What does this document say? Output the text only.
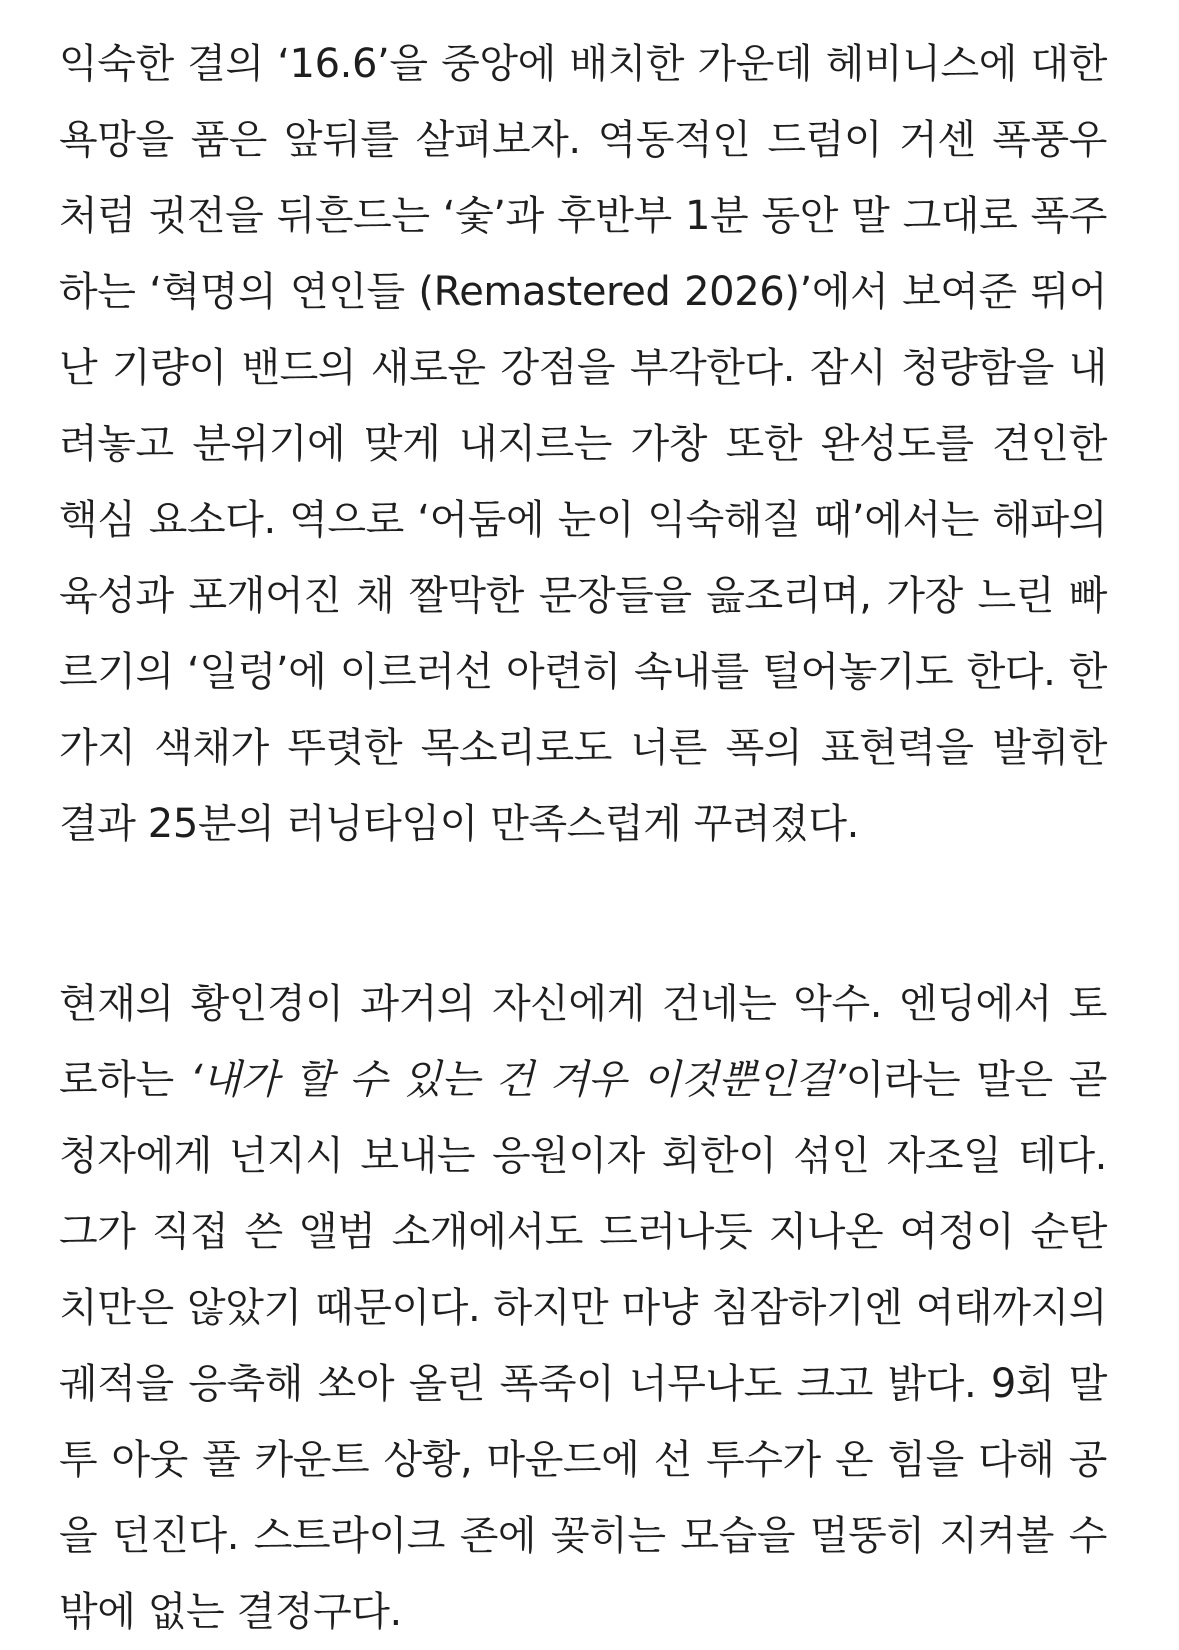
익숙한 결의 ‘16.6’을 중앙에 배치한 가운데 헤비니스에 대한
욕망을 품은 앞뒤를 살펴보자. 역동적인 드럼이 거센 폭풍우
처럼 귓전을 뒤흔드는 ‘숯’과 후반부 1분 동안 말 그대로 폭주
하는 ‘혁명의 연인들 (Remastered 2026)’에서 보여준 뛰어
난 기량이 밴드의 새로운 강점을 부각한다. 잠시 청량함을 내
려놓고 분위기에 맞게 내지르는 가창 또한 완성도를 견인한
핵심 요소다. 역으로 ‘어둠에 눈이 익숙해질 때’에서는 해파의
육성과 포개어진 채 짤막한 문장들을 읊조리며, 가장 느린 빠
르기의 ‘일렁’에 이르러선 아련히 속내를 털어놓기도 한다. 한
가지 색채가 뚜렷한 목소리로도 너른 폭의 표현력을 발휘한
결과 25분의 러닝타임이 만족스럽게 꾸려졌다.
현재의 황인경이 과거의 자신에게 건네는 악수. 엔딩에서 토
로하는 ‘내가 할 수 있는 건 겨우 이것뿐인걸’이라는 말은 곧
청자에게 넌지시 보내는 응원이자 회한이 섞인 자조일 테다.
그가 직접 쓴 앨범 소개에서도 드러나듯 지나온 여정이 순탄
치만은 않았기 때문이다. 하지만 마냥 침잠하기엔 여태까지의
궤적을 응축해 쏘아 올린 폭죽이 너무나도 크고 밝다. 9회 말
투 아웃 풀 카운트 상황, 마운드에 선 투수가 온 힘을 다해 공
을 던진다. 스트라이크 존에 꽂히는 모습을 멀뚱히 지켜볼 수
밖에 없는 결정구다.
